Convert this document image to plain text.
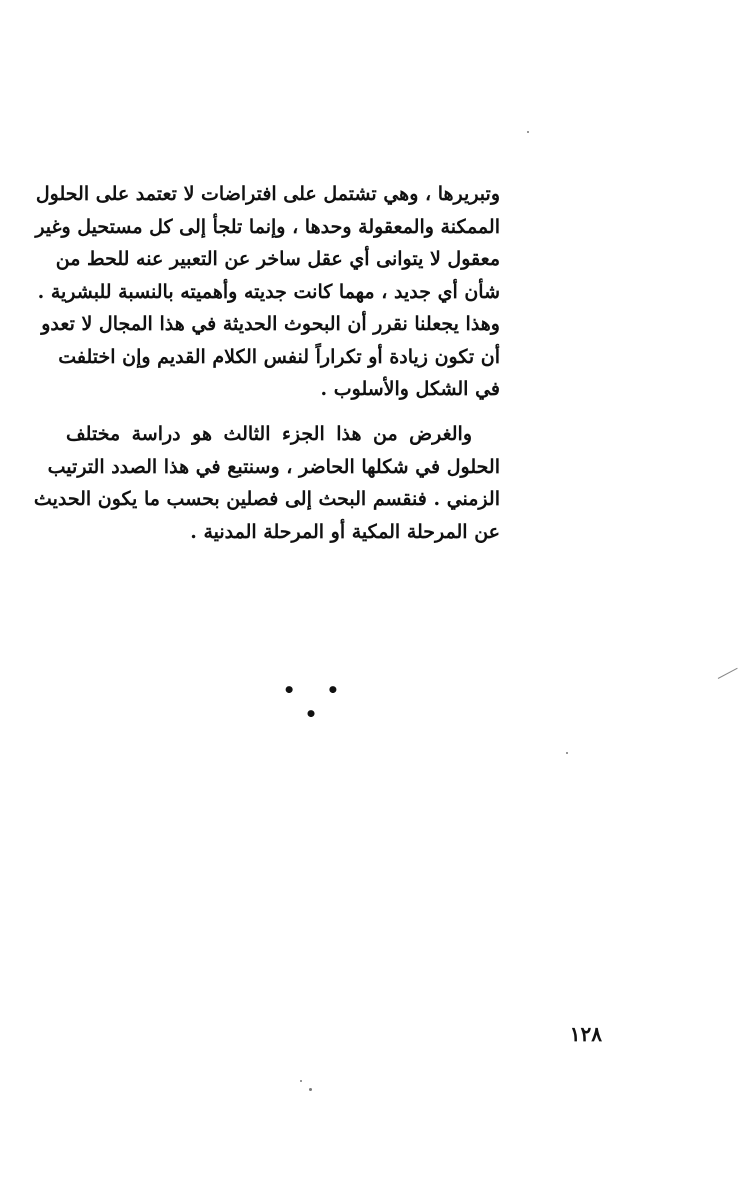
وتبريرها ، وهي تشتمل على افتراضات لا تعتمد على الحلول
الممكنة والمعقولة وحدها ، وإنما تلجأ إلى كل مستحيل وغير
معقول لا يتوانى أي عقل ساخر عن التعبير عنه للحط من
شأن أي جديد ، مهما كانت جديته وأهميته بالنسبة للبشرية .
وهذا يجعلنا نقرر أن البحوث الحديثة في هذا المجال لا تعدو
أن تكون زيادة أو تكراراً لنفس الكلام القديم وإن اختلفت
في الشكل والأسلوب .
والغرض من هذا الجزء الثالث هو دراسة مختلف
الحلول في شكلها الحاضر ، وسنتبع في هذا الصدد الترتيب
الزمني . فنقسم البحث إلى فصلين بحسب ما يكون الحديث
عن المرحلة المكية أو المرحلة المدنية .
• • •
١٢٨
